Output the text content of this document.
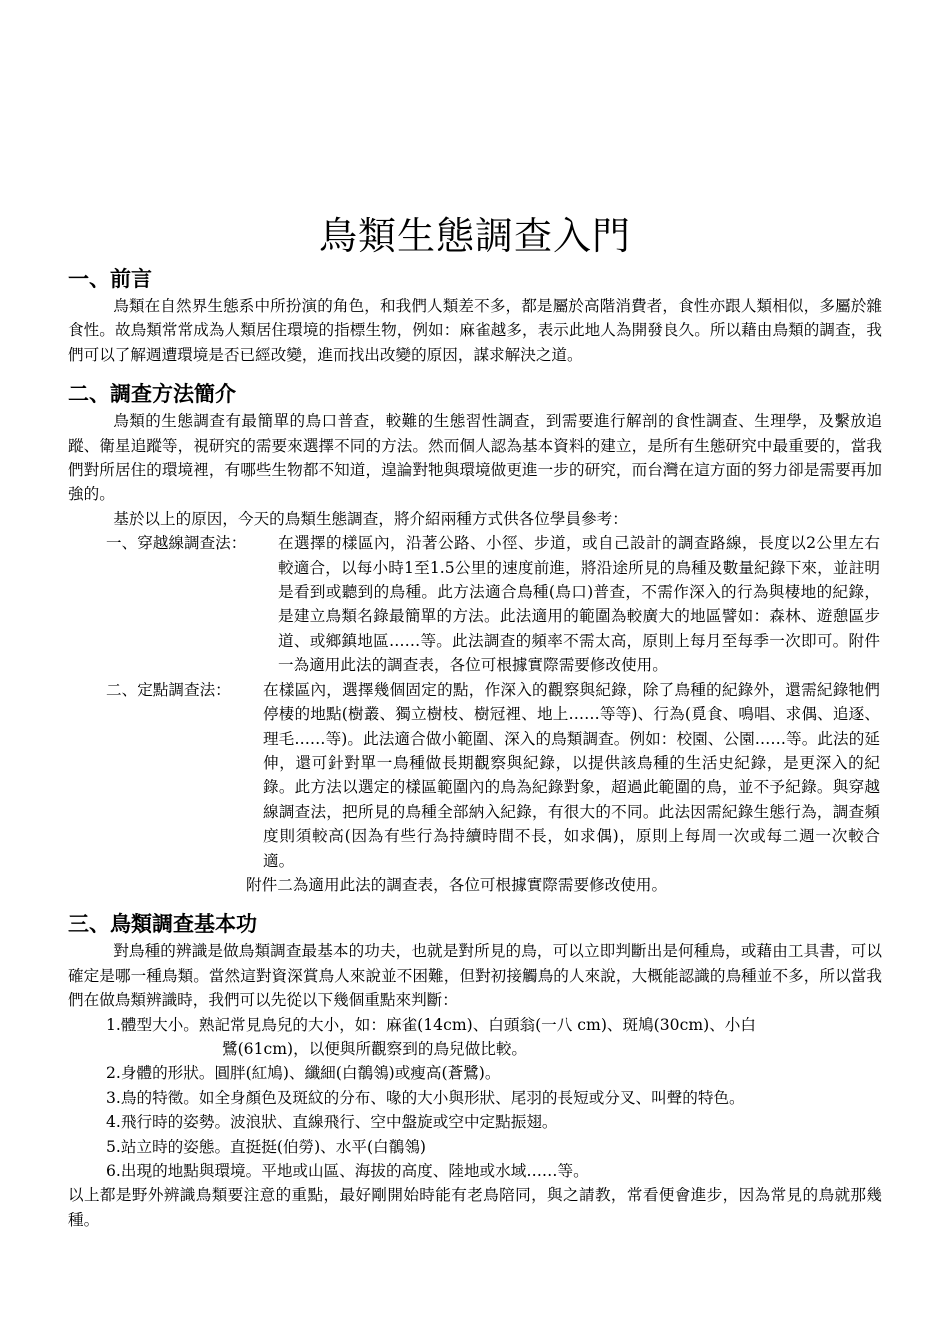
鳥類生態調查入門
一、前言

鳥類在自然界生態系中所扮演的角色，和我們人類差不多，都是屬於高階消費者，食性亦跟人類相似，多屬於雜食性。故鳥類常常成為人類居住環境的指標生物，例如：麻雀越多，表示此地人為開發良久。所以藉由鳥類的調查，我們可以了解週遭環境是否已經改變，進而找出改變的原因，謀求解決之道。

二、調查方法簡介

鳥類的生態調查有最簡單的鳥口普查，較難的生態習性調查，到需要進行解剖的食性調查、生理學，及繫放追蹤、衛星追蹤等，視研究的需要來選擇不同的方法。然而個人認為基本資料的建立，是所有生態研究中最重要的，當我們對所居住的環境裡，有哪些生物都不知道，遑論對牠與環境做更進一步的研究，而台灣在這方面的努力卻是需要再加強的。

基於以上的原因，今天的鳥類生態調查，將介紹兩種方式供各位學員參考：

一、穿越線調查法：	在選擇的樣區內，沿著公路、小徑、步道，或自己設計的調查路線，長度以2公里左右較適合，以每小時1至1.5公里的速度前進，將沿途所見的鳥種及數量紀錄下來，並註明是看到或聽到的鳥種。此方法適合鳥種(鳥口)普查，不需作深入的行為與棲地的紀錄，是建立鳥類名錄最簡單的方法。此法適用的範圍為較廣大的地區譬如：森林、遊憩區步道、或鄉鎮地區……等。此法調查的頻率不需太高，原則上每月至每季一次即可。附件一為適用此法的調查表，各位可根據實際需要修改使用。
二、定點調查法：	在樣區內，選擇幾個固定的點，作深入的觀察與紀錄，除了鳥種的紀錄外，還需紀錄牠們停棲的地點(樹叢、獨立樹枝、樹冠裡、地上……等等)、行為(覓食、鳴唱、求偶、追逐、理毛……等)。此法適合做小範圍、深入的鳥類調查。例如：校園、公園……等。此法的延伸，還可針對單一鳥種做長期觀察與紀錄，以提供該鳥種的生活史紀錄，是更深入的紀錄。此方法以選定的樣區範圍內的鳥為紀錄對象，超過此範圍的鳥，並不予紀錄。與穿越線調查法，把所見的鳥種全部納入紀錄，有很大的不同。此法因需紀錄生態行為，調查頻度則須較高(因為有些行為持續時間不長，如求偶)，原則上每周一次或每二週一次較合適。

附件二為適用此法的調查表，各位可根據實際需要修改使用。

三、鳥類調查基本功

對鳥種的辨識是做鳥類調查最基本的功夫，也就是對所見的鳥，可以立即判斷出是何種鳥，或藉由工具書，可以確定是哪一種鳥類。當然這對資深賞鳥人來說並不困難，但對初接觸鳥的人來說，大概能認識的鳥種並不多，所以當我們在做鳥類辨識時，我們可以先從以下幾個重點來判斷：

1.體型大小。熟記常見鳥兒的大小，如：麻雀(14cm)、白頭翁(一八 cm)、斑鳩(30cm)、小白
鷺(61cm)，以便與所觀察到的鳥兒做比較。
2.身體的形狀。圓胖(紅鳩)、纖細(白鶺鴒)或瘦高(蒼鷺)。
3.鳥的特徵。如全身顏色及斑紋的分布、喙的大小與形狀、尾羽的長短或分叉、叫聲的特色。
4.飛行時的姿勢。波浪狀、直線飛行、空中盤旋或空中定點振翅。
5.站立時的姿態。直挺挺(伯勞)、水平(白鶺鴒)
6.出現的地點與環境。平地或山區、海拔的高度、陸地或水域……等。

以上都是野外辨識鳥類要注意的重點，最好剛開始時能有老鳥陪同，與之請教，常看便會進步，因為常見的鳥就那幾種。
